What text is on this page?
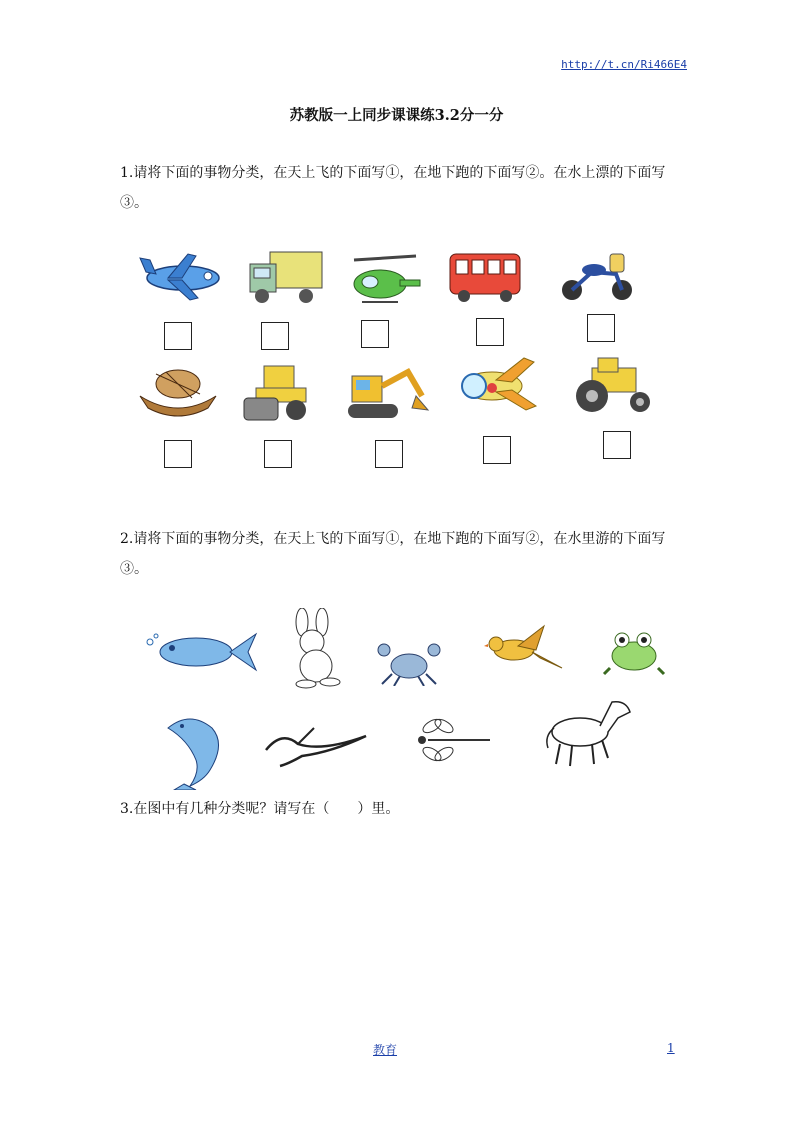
http://t.cn/Ri466E4
苏教版一上同步课课练3.2分一分
1.请将下面的事物分类，在天上飞的下面写①，在地下跑的下面写②。在水上漂的下面写③。
2.请将下面的事物分类，在天上飞的下面写①，在地下跑的下面写②，在水里游的下面写③。
3.在图中有几种分类呢？请写在（　　）里。
教育	1
